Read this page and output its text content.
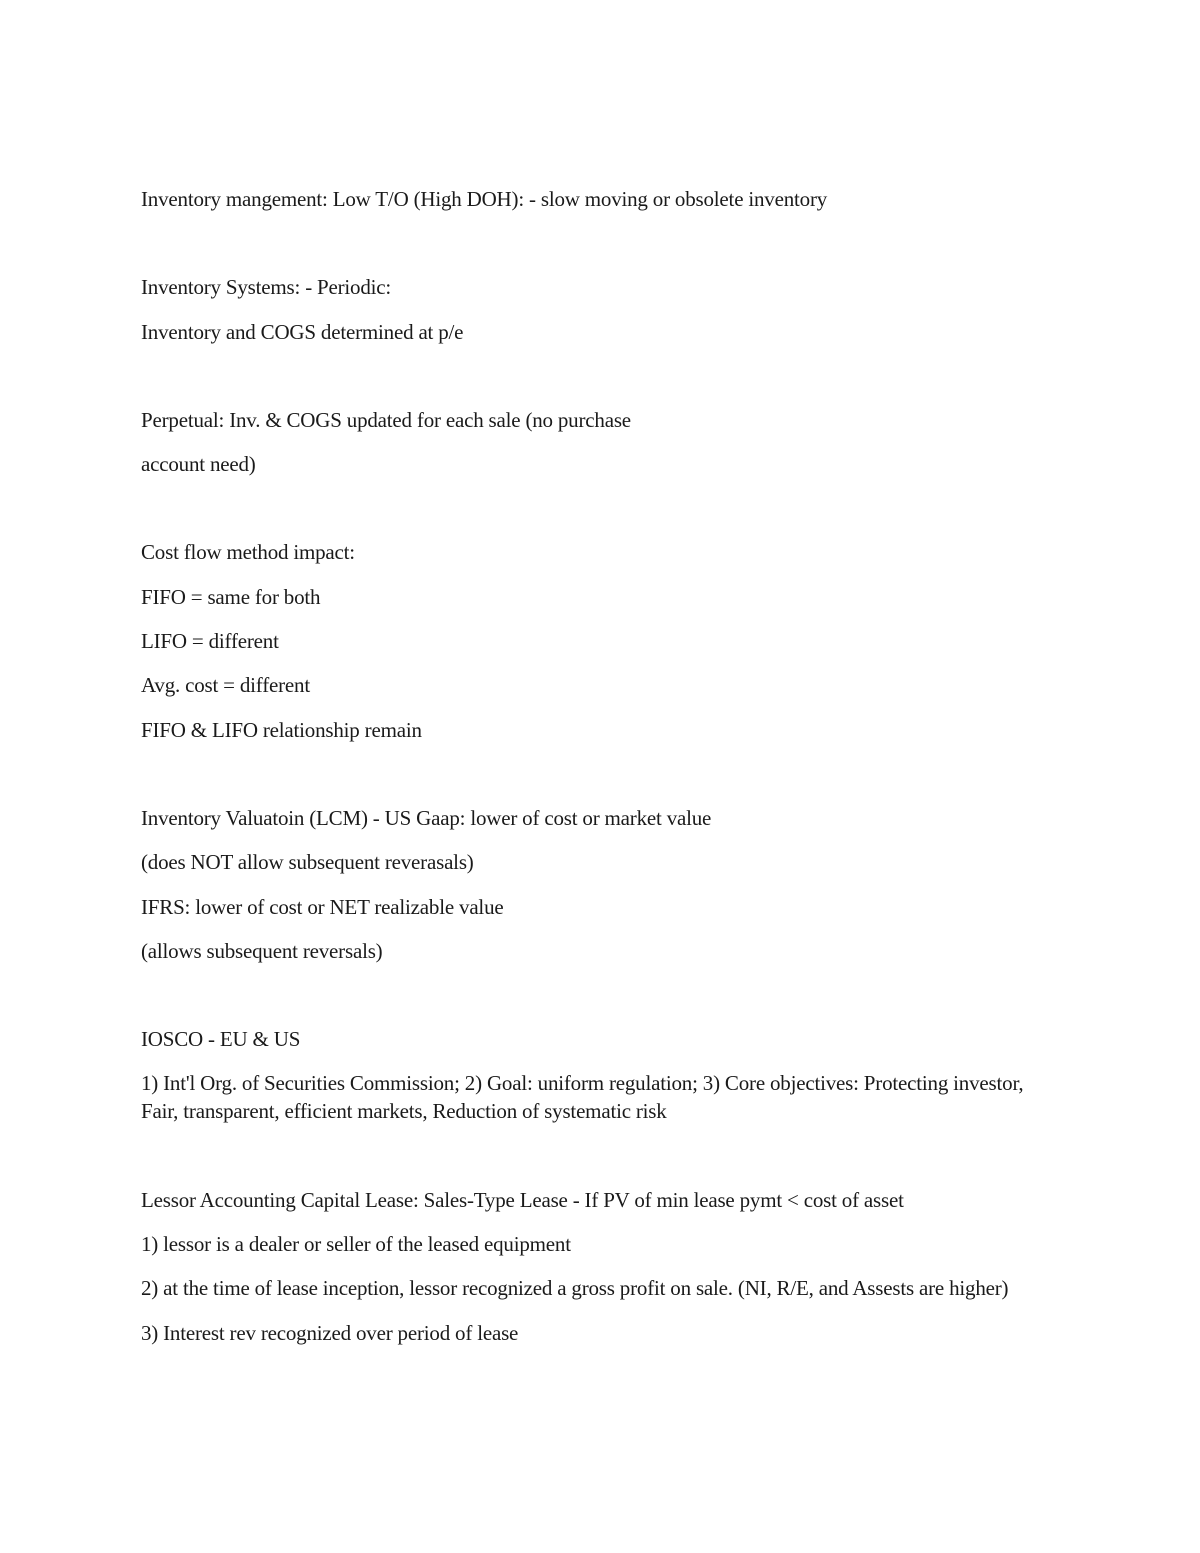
Inventory mangement: Low T/O (High DOH): - slow moving or obsolete inventory
Inventory Systems: - Periodic:
Inventory and COGS determined at p/e
Perpetual: Inv. & COGS updated for each sale (no purchase
account need)
Cost flow method impact:
FIFO = same for both
LIFO = different
Avg. cost = different
FIFO & LIFO relationship remain
Inventory Valuatoin (LCM) - US Gaap: lower of cost or market value
(does NOT allow subsequent reverasals)
IFRS: lower of cost or NET realizable value
(allows subsequent reversals)
IOSCO - EU & US
1) Int'l Org. of Securities Commission; 2) Goal: uniform regulation; 3) Core objectives: Protecting investor, Fair, transparent, efficient markets, Reduction of systematic risk
Lessor Accounting Capital Lease: Sales-Type Lease - If PV of min lease pymt < cost of asset
1) lessor is a dealer or seller of the leased equipment
2) at the time of lease inception, lessor recognized a gross profit on sale. (NI, R/E, and Assests are higher)
3) Interest rev recognized over period of lease
